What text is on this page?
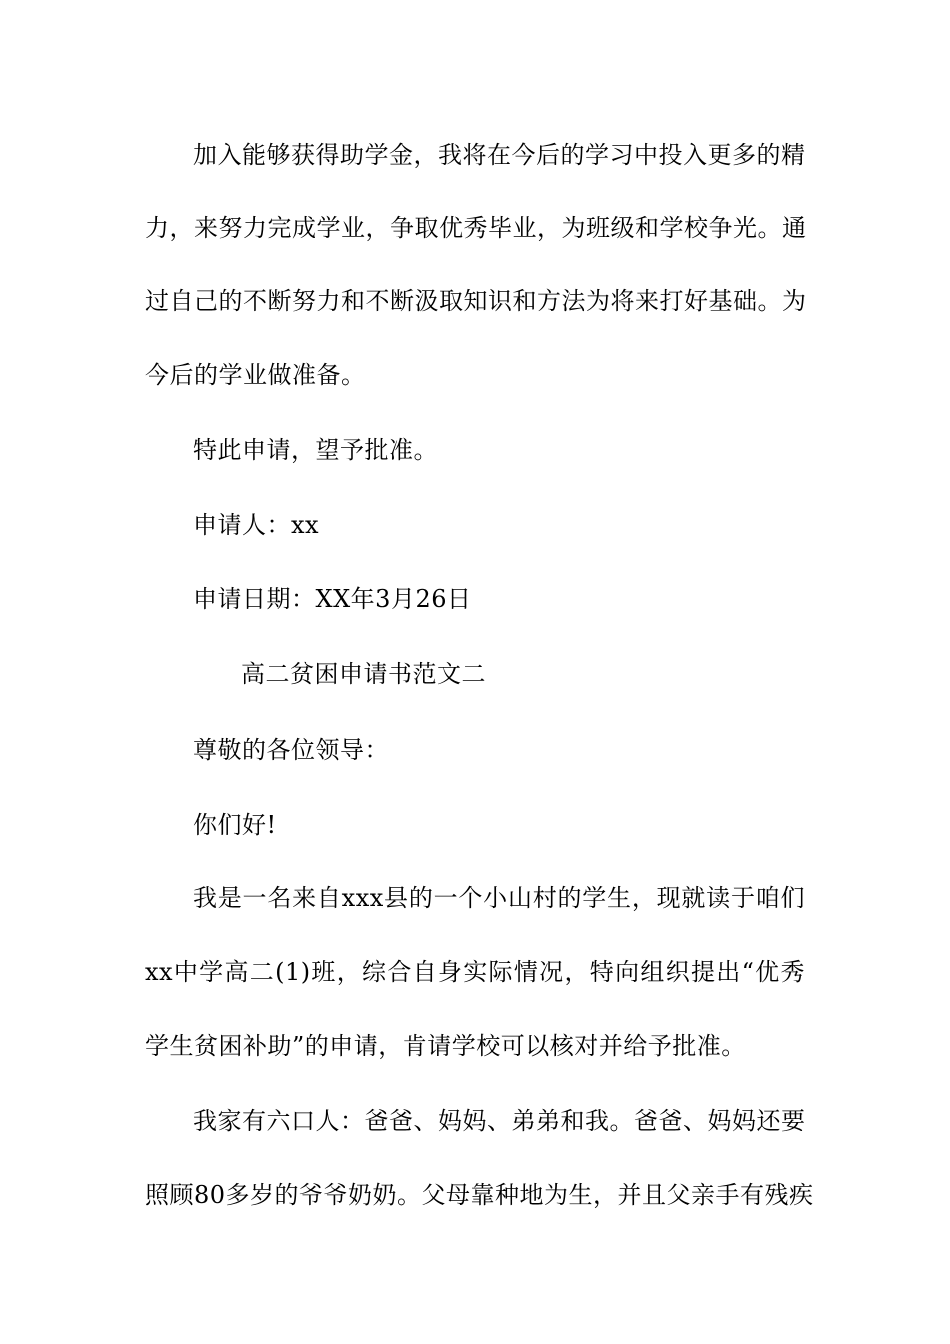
加入能够获得助学金，我将在今后的学习中投入更多的精
力，来努力完成学业，争取优秀毕业，为班级和学校争光。通
过自己的不断努力和不断汲取知识和方法为将来打好基础。为
今后的学业做准备。
特此申请，望予批准。
申请人：xx
申请日期：XX年3月26日
高二贫困申请书范文二
尊敬的各位领导：
你们好!
我是一名来自xxx县的一个小山村的学生，现就读于咱们
xx中学高二(1)班，综合自身实际情况，特向组织提出“优秀
学生贫困补助”的申请，肯请学校可以核对并给予批准。
我家有六口人：爸爸、妈妈、弟弟和我。爸爸、妈妈还要
照顾80多岁的爷爷奶奶。父母靠种地为生，并且父亲手有残疾
